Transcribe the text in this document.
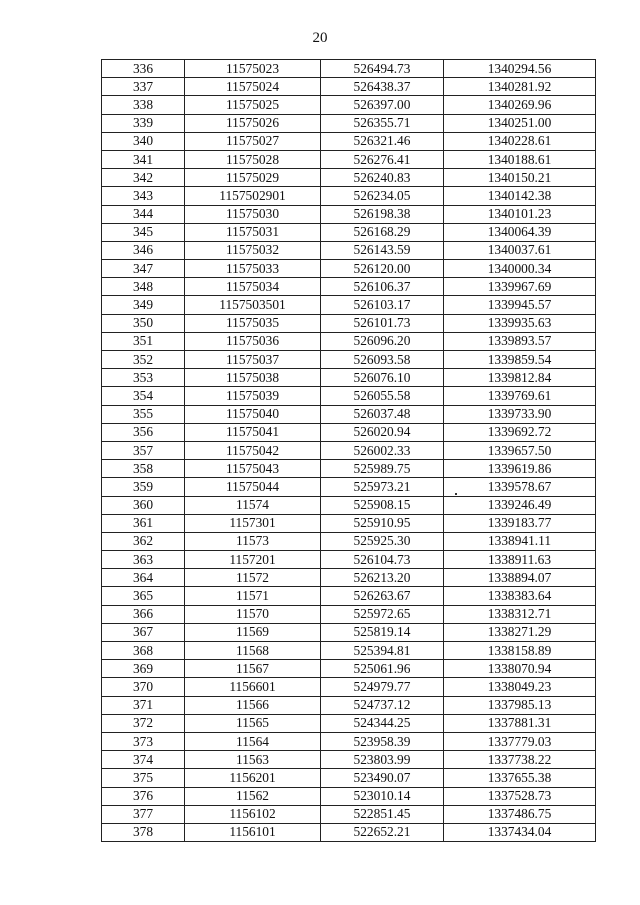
20
336	11575023	526494.73	1340294.56
337	11575024	526438.37	1340281.92
338	11575025	526397.00	1340269.96
339	11575026	526355.71	1340251.00
340	11575027	526321.46	1340228.61
341	11575028	526276.41	1340188.61
342	11575029	526240.83	1340150.21
343	1157502901	526234.05	1340142.38
344	11575030	526198.38	1340101.23
345	11575031	526168.29	1340064.39
346	11575032	526143.59	1340037.61
347	11575033	526120.00	1340000.34
348	11575034	526106.37	1339967.69
349	1157503501	526103.17	1339945.57
350	11575035	526101.73	1339935.63
351	11575036	526096.20	1339893.57
352	11575037	526093.58	1339859.54
353	11575038	526076.10	1339812.84
354	11575039	526055.58	1339769.61
355	11575040	526037.48	1339733.90
356	11575041	526020.94	1339692.72
357	11575042	526002.33	1339657.50
358	11575043	525989.75	1339619.86
359	11575044	525973.21	1339578.67
360	11574	525908.15	1339246.49
361	1157301	525910.95	1339183.77
362	11573	525925.30	1338941.11
363	1157201	526104.73	1338911.63
364	11572	526213.20	1338894.07
365	11571	526263.67	1338383.64
366	11570	525972.65	1338312.71
367	11569	525819.14	1338271.29
368	11568	525394.81	1338158.89
369	11567	525061.96	1338070.94
370	1156601	524979.77	1338049.23
371	11566	524737.12	1337985.13
372	11565	524344.25	1337881.31
373	11564	523958.39	1337779.03
374	11563	523803.99	1337738.22
375	1156201	523490.07	1337655.38
376	11562	523010.14	1337528.73
377	1156102	522851.45	1337486.75
378	1156101	522652.21	1337434.04
